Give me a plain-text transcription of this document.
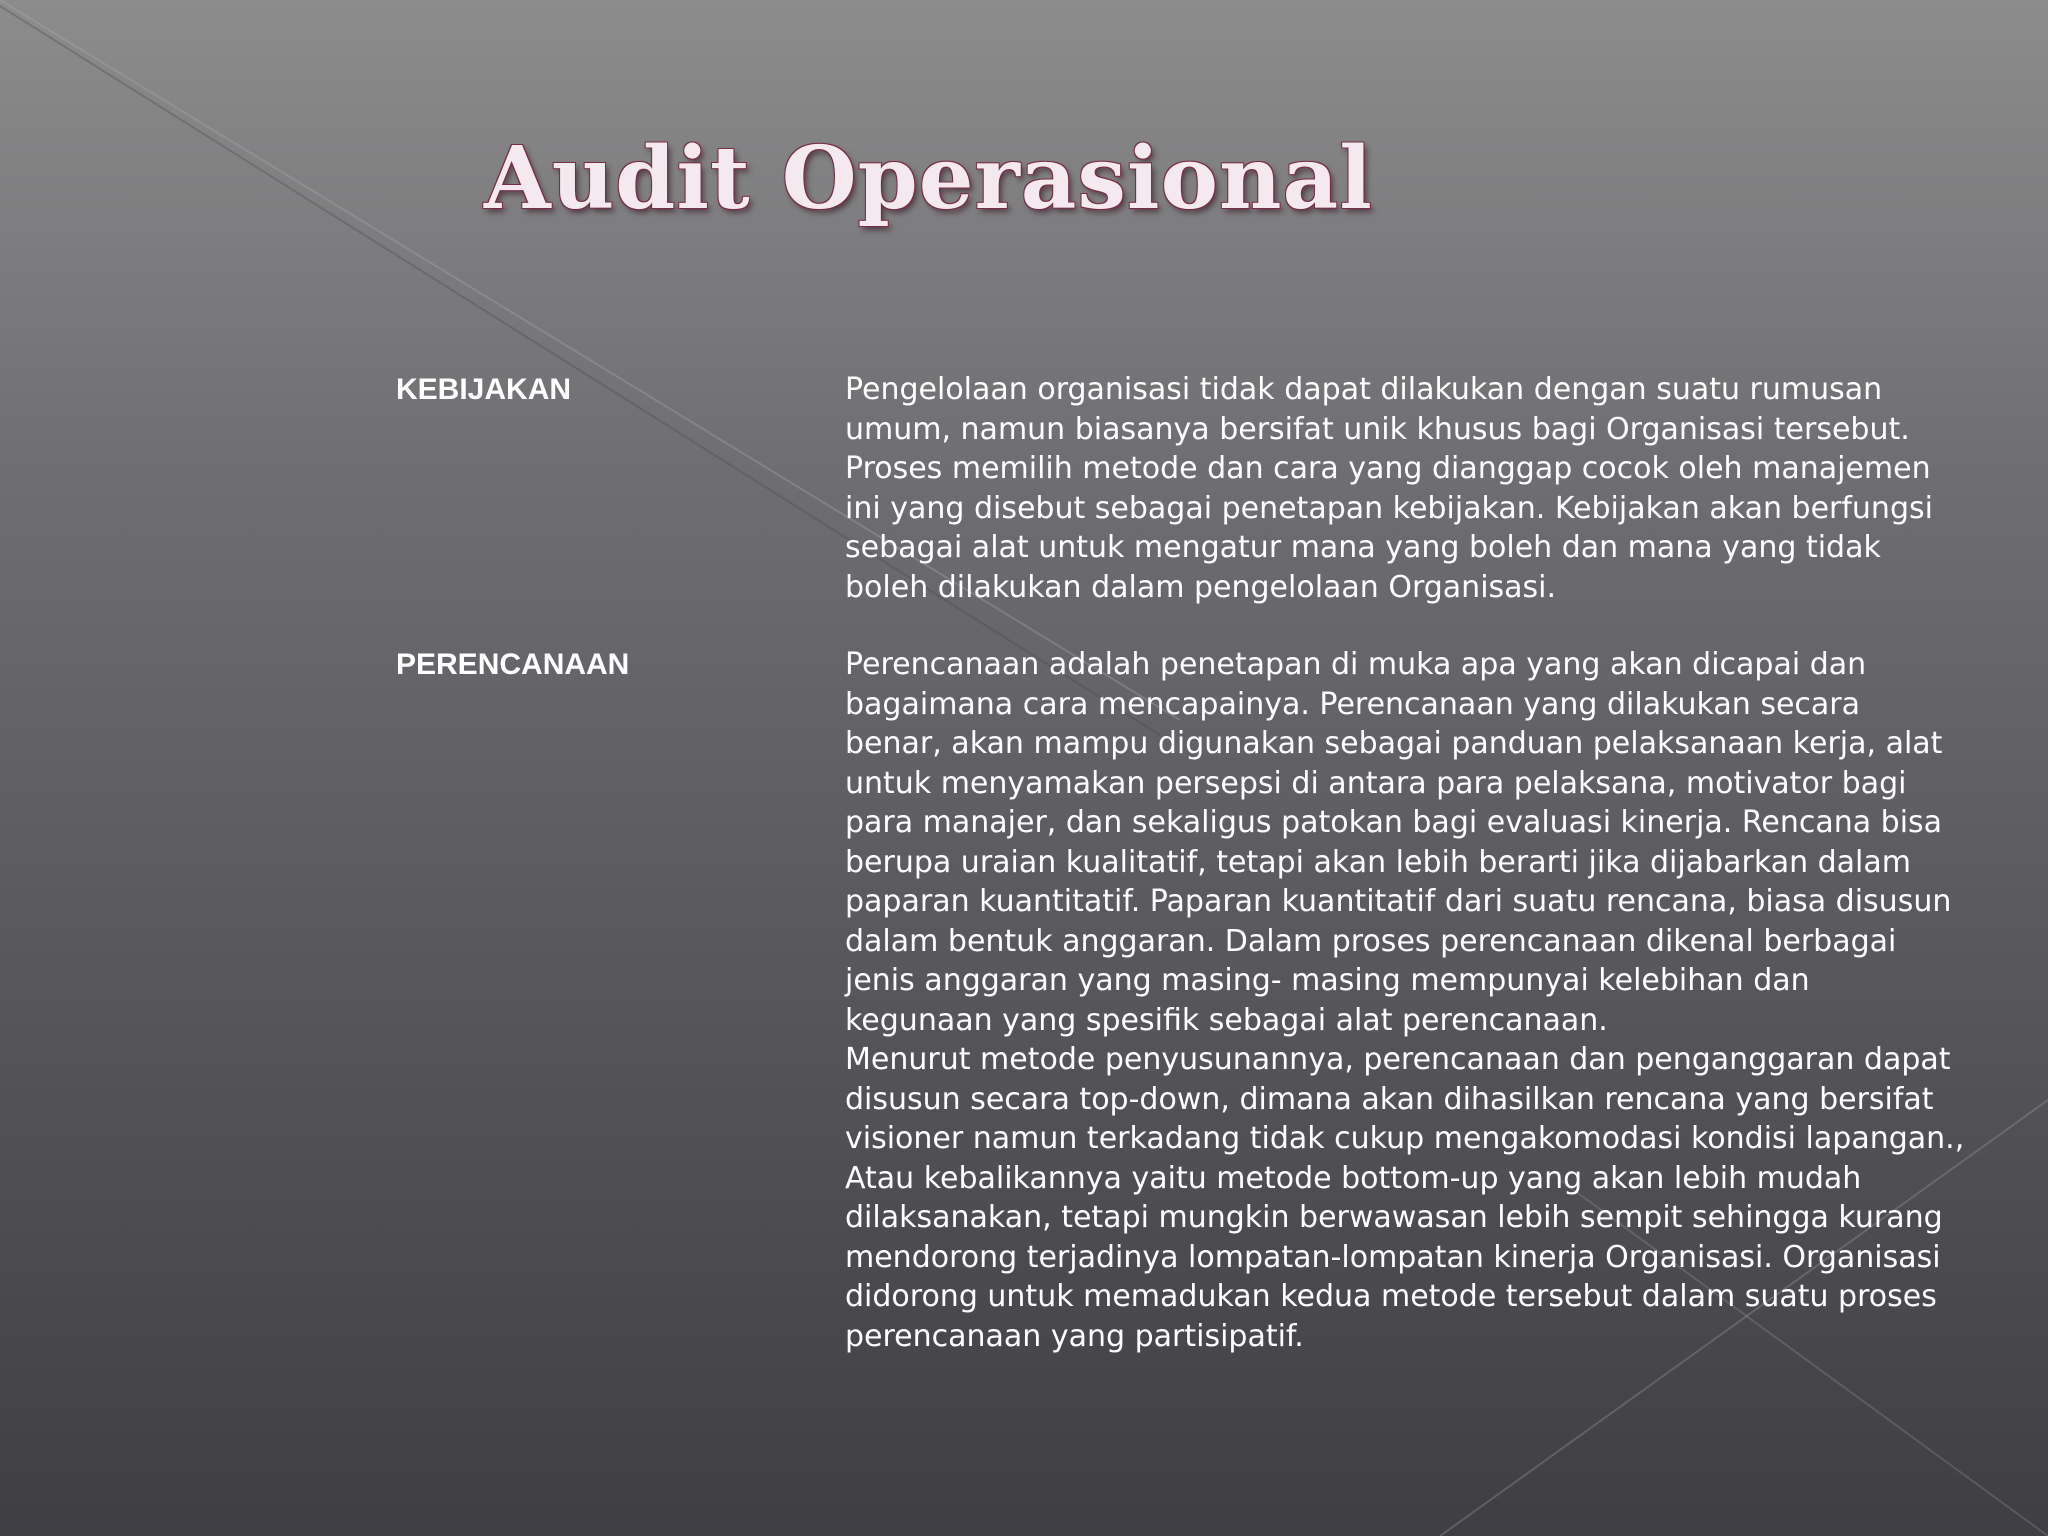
Audit Operasional
KEBIJAKAN	Pengelolaan organisasi tidak dapat dilakukan dengan suatu rumusan umum, namun biasanya bersifat unik khusus bagi Organisasi tersebut. Proses memilih metode dan cara yang dianggap cocok oleh manajemen ini yang disebut sebagai penetapan kebijakan. Kebijakan akan berfungsi sebagai alat untuk mengatur mana yang boleh dan mana yang tidak boleh dilakukan dalam pengelolaan Organisasi.

PERENCANAAN	Perencanaan adalah penetapan di muka apa yang akan dicapai dan bagaimana cara mencapainya. Perencanaan yang dilakukan secara benar, akan mampu digunakan sebagai panduan pelaksanaan kerja, alat untuk menyamakan persepsi di antara para pelaksana, motivator bagi para manajer, dan sekaligus patokan bagi evaluasi kinerja. Rencana bisa berupa uraian kualitatif, tetapi akan lebih berarti jika dijabarkan dalam paparan kuantitatif. Paparan kuantitatif dari suatu rencana, biasa disusun dalam bentuk anggaran. Dalam proses perencanaan dikenal berbagai jenis anggaran yang masing- masing mempunyai kelebihan dan kegunaan yang spesifik sebagai alat perencanaan.

Menurut metode penyusunannya, perencanaan dan penganggaran dapat disusun secara top-down, dimana akan dihasilkan rencana yang bersifat visioner namun terkadang tidak cukup mengakomodasi kondisi lapangan.,

Atau kebalikannya yaitu metode bottom-up yang akan lebih mudah dilaksanakan, tetapi mungkin berwawasan lebih sempit sehingga kurang mendorong terjadinya lompatan-lompatan kinerja Organisasi. Organisasi didorong untuk memadukan kedua metode tersebut dalam suatu proses perencanaan yang partisipatif.
